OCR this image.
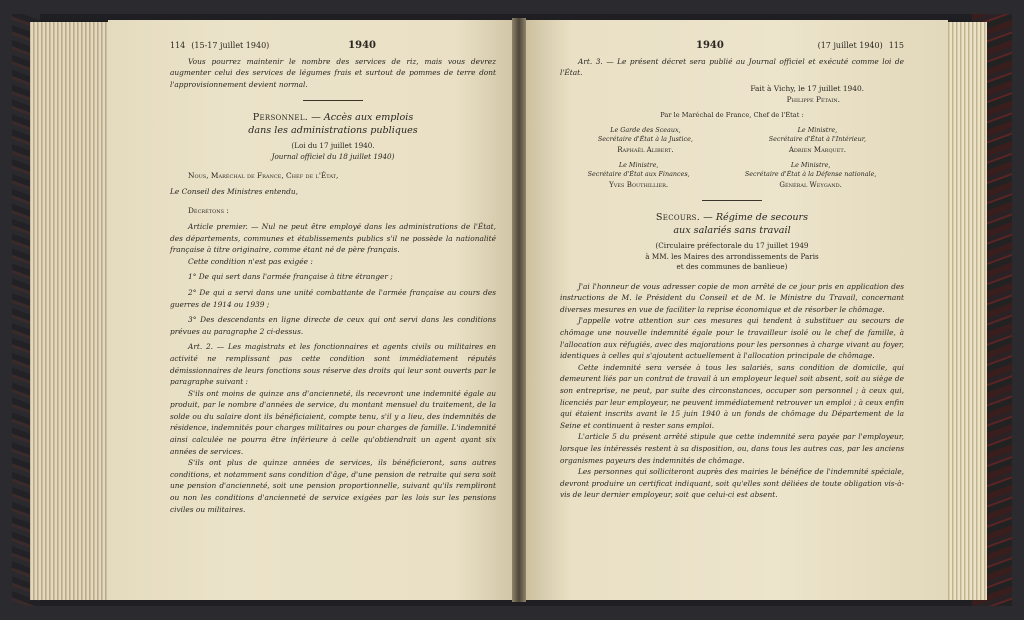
114 (15-17 juillet 1940)	1940

Vous pourrez maintenir le nombre des services de riz, mais vous devrez augmenter celui des services de légumes frais et surtout de pommes de terre dont l'approvisionnement devient normal.

Personnel. — Accès aux emplois
dans les administrations publiques
(Loi du 17 juillet 1940.
Journal officiel du 18 juillet 1940)

Nous, Maréchal de France, Chef de l'État,

Le Conseil des Ministres entendu,

Décrétons :

Article premier. — Nul ne peut être employé dans les administrations de l'État, des départements, communes et établissements publics s'il ne possède la nationalité française à titre originaire, comme étant né de père français.

Cette condition n'est pas exigée :

1° De qui sert dans l'armée française à titre étranger ;

2° De qui a servi dans une unité combattante de l'armée française au cours des guerres de 1914 ou 1939 ;

3° Des descendants en ligne directe de ceux qui ont servi dans les conditions prévues au paragraphe 2 ci-dessus.

Art. 2. — Les magistrats et les fonctionnaires et agents civils ou militaires en activité ne remplissant pas cette condition sont immédiatement réputés démissionnaires de leurs fonctions sous réserve des droits qui leur sont ouverts par le paragraphe suivant :

S'ils ont moins de quinze ans d'ancienneté, ils recevront une indemnité égale au produit, par le nombre d'années de service, du montant mensuel du traitement, de la solde ou du salaire dont ils bénéficiaient, compte tenu, s'il y a lieu, des indemnités de résidence, indemnités pour charges militaires ou pour charges de famille. L'indemnité ainsi calculée ne pourra être inférieure à celle qu'obtiendrait un agent ayant six années de services.

S'ils ont plus de quinze années de services, ils bénéficieront, sans autres conditions, et notamment sans condition d'âge, d'une pension de retraite qui sera soit une pension d'ancienneté, soit une pension proportionnelle, suivant qu'ils rempliront ou non les conditions d'ancienneté de service exigées par les lois sur les pensions civiles ou militaires.

1940	(17 juillet 1940) 115

Art. 3. — Le présent décret sera publié au Journal officiel et exécuté comme loi de l'État.

Fait à Vichy, le 17 juillet 1940.

Philippe Pétain.

Par le Maréchal de France, Chef de l'État :

Le Garde des Sceaux,
Secrétaire d'État à la Justice,
Raphaël Alibert.
Le Ministre,
Secrétaire d'État à l'Intérieur,
Adrien Marquet.
Le Ministre,
Secrétaire d'État aux Finances,
Yves Bouthillier.
Le Ministre,
Secrétaire d'État à la Défense nationale,
Général Weygand.
Secours. — Régime de secours
aux salariés sans travail
(Circulaire préfectorale du 17 juillet 1949
à MM. les Maires des arrondissements de Paris
et des communes de banlieue)

J'ai l'honneur de vous adresser copie de mon arrêté de ce jour pris en application des instructions de M. le Président du Conseil et de M. le Ministre du Travail, concernant diverses mesures en vue de faciliter la reprise économique et de résorber le chômage.

J'appelle votre attention sur ces mesures qui tendent à substituer au secours de chômage une nouvelle indemnité égale pour le travailleur isolé ou le chef de famille, à l'allocation aux réfugiés, avec des majorations pour les personnes à charge vivant au foyer, identiques à celles qui s'ajoutent actuellement à l'allocation principale de chômage.

Cette indemnité sera versée à tous les salariés, sans condition de domicile, qui demeurent liés par un contrat de travail à un employeur lequel soit absent, soit au siège de son entreprise, ne peut, par suite des circonstances, occuper son personnel ; à ceux qui, licenciés par leur employeur, ne peuvent immédiatement retrouver un emploi ; à ceux enfin qui étaient inscrits avant le 15 juin 1940 à un fonds de chômage du Département de la Seine et continuent à rester sans emploi.

L'article 5 du présent arrêté stipule que cette indemnité sera payée par l'employeur, lorsque les intéressés restent à sa disposition, ou, dans tous les autres cas, par les anciens organismes payeurs des indemnités de chômage.

Les personnes qui solliciteront auprès des mairies le bénéfice de l'indemnité spéciale, devront produire un certificat indiquant, soit qu'elles sont déliées de toute obligation vis-à-vis de leur dernier employeur, soit que celui-ci est absent.
